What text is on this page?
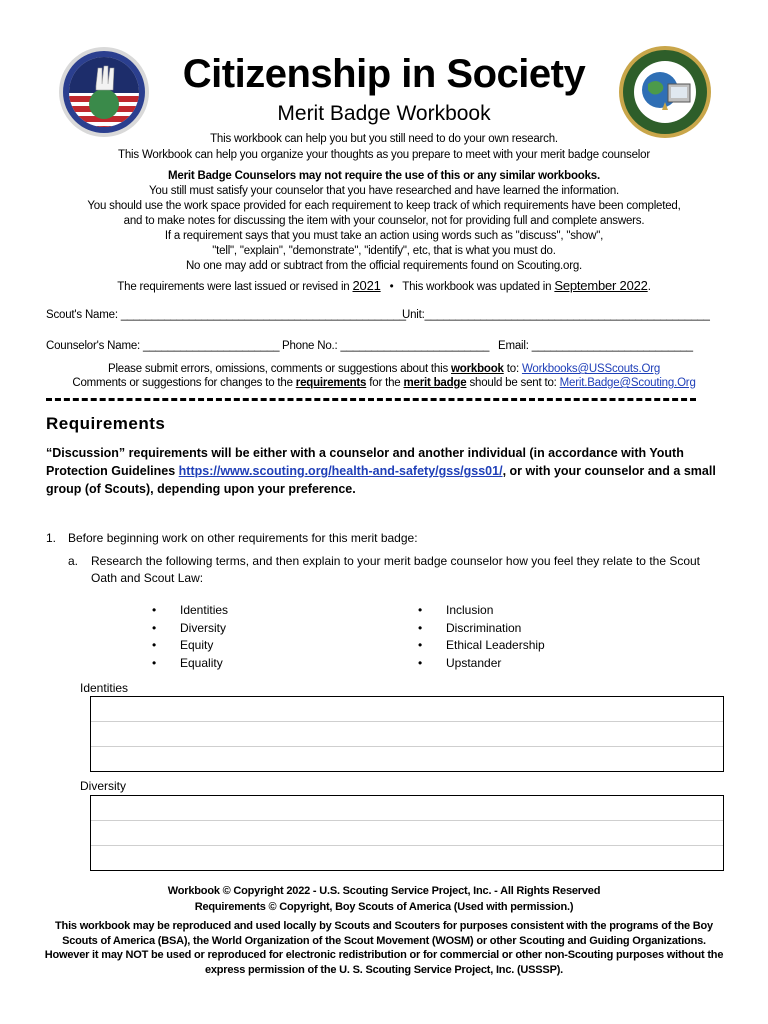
Citizenship in Society
Merit Badge Workbook
This workbook can help you but you still need to do your own research.
This Workbook can help you organize your thoughts as you prepare to meet with your merit badge counselor
Merit Badge Counselors may not require the use of this or any similar workbooks.
You still must satisfy your counselor that you have researched and have learned the information.
You should use the work space provided for each requirement to keep track of which requirements have been completed,
and to make notes for discussing the item with your counselor, not for providing full and complete answers.
If a requirement says that you must take an action using words such as "discuss", "show",
"tell", "explain", "demonstrate", "identify", etc, that is what you must do.
No one may add or subtract from the official requirements found on Scouting.org.
The requirements were last issued or revised in 2021 • This workbook was updated in September 2022.
Scout's Name: ______________________________________________
Unit:______________________________________________
Counselor's Name: ______________________ Phone No.: ________________________ Email: __________________________
Please submit errors, omissions, comments or suggestions about this workbook to: Workbooks@USScouts.Org
Comments or suggestions for changes to the requirements for the merit badge should be sent to: Merit.Badge@Scouting.Org
Requirements
“Discussion” requirements will be either with a counselor and another individual (in accordance with Youth Protection Guidelines https://www.scouting.org/health-and-safety/gss/gss01/, or with your counselor and a small group (of Scouts), depending upon your preference.
1. Before beginning work on other requirements for this merit badge:
a. Research the following terms, and then explain to your merit badge counselor how you feel they relate to the Scout Oath and Scout Law:
• Identities
• Diversity
• Equity
• Equality
• Inclusion
• Discrimination
• Ethical Leadership
• Upstander
Identities
Diversity
Workbook © Copyright 2022 - U.S. Scouting Service Project, Inc. - All Rights Reserved
Requirements © Copyright, Boy Scouts of America (Used with permission.)
This workbook may be reproduced and used locally by Scouts and Scouters for purposes consistent with the programs of the Boy Scouts of America (BSA), the World Organization of the Scout Movement (WOSM) or other Scouting and Guiding Organizations. However it may NOT be used or reproduced for electronic redistribution or for commercial or other non-Scouting purposes without the express permission of the U. S. Scouting Service Project, Inc. (USSSP).
